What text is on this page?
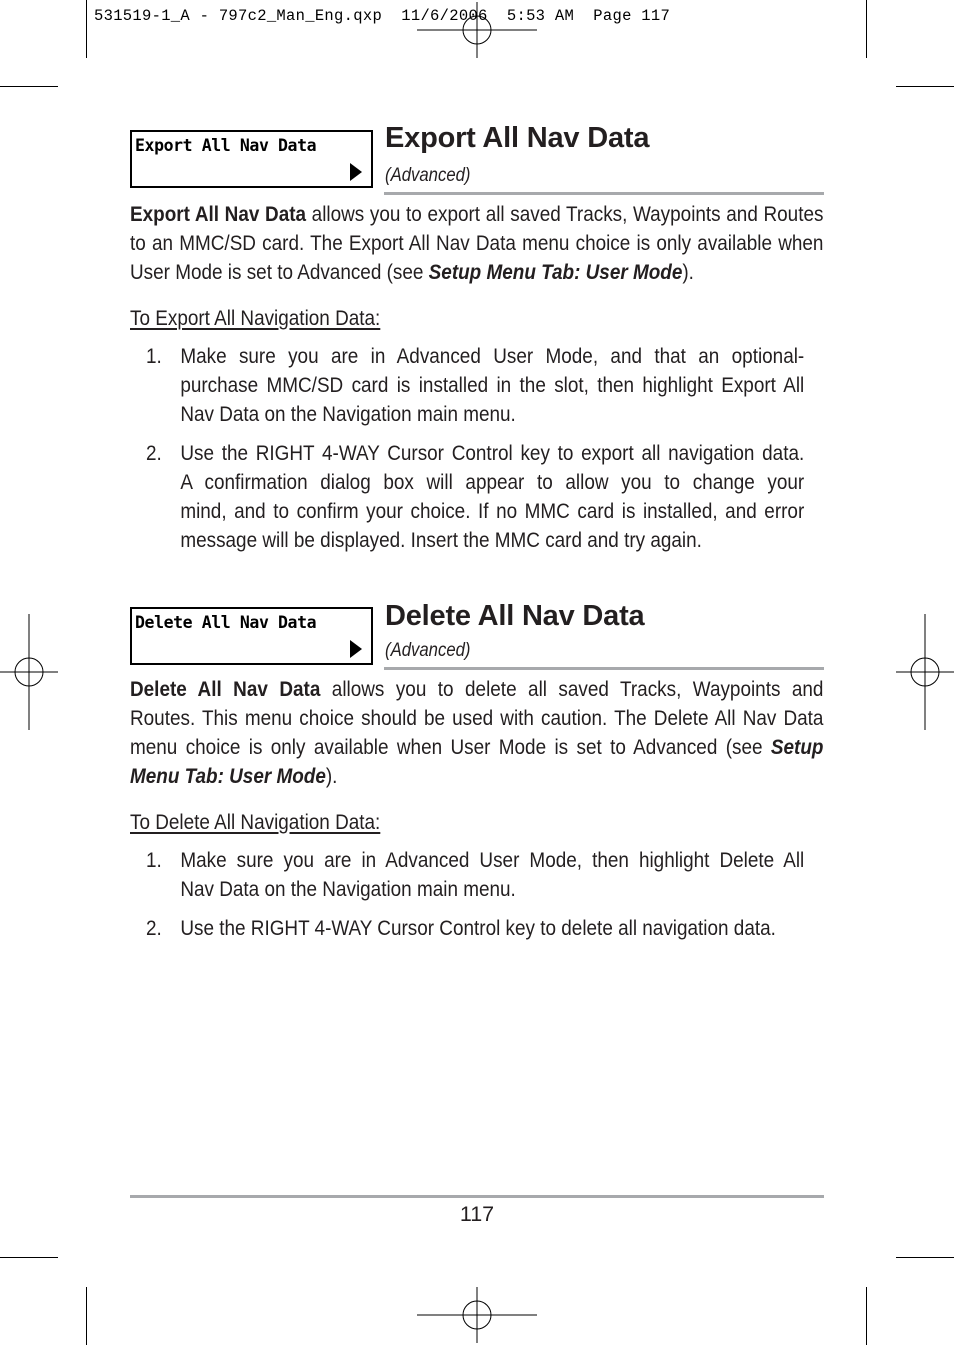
531519-1_A - 797c2_Man_Eng.qxp  11/6/2006  5:53 AM  Page 117
Export All Nav Data Export All Nav Data
(Advanced)
Export All Nav Data allows you to export all saved Tracks, Waypoints and Routes
to an MMC/SD card. The Export All Nav Data menu choice is only available when
User Mode is set to Advanced (see Setup Menu Tab: User Mode).
To Export All Navigation Data:
1. Make sure you are in Advanced User Mode, and that an optional-
purchase MMC/SD card is installed in the slot, then highlight Export All
Nav Data on the Navigation main menu.
2. Use the RIGHT 4-WAY Cursor Control key to export all navigation data.
A confirmation dialog box will appear to allow you to change your
mind, and to confirm your choice. If no MMC card is installed, and error
message will be displayed. Insert the MMC card and try again.
Delete All Nav Data Delete All Nav Data
(Advanced)
Delete All Nav Data allows you to delete all saved Tracks, Waypoints and
Routes. This menu choice should be used with caution. The Delete All Nav Data
menu choice is only available when User Mode is set to Advanced (see Setup
Menu Tab: User Mode).
To Delete All Navigation Data:
1. Make sure you are in Advanced User Mode, then highlight Delete All
Nav Data on the Navigation main menu.
2. Use the RIGHT 4-WAY Cursor Control key to delete all navigation data.
117
